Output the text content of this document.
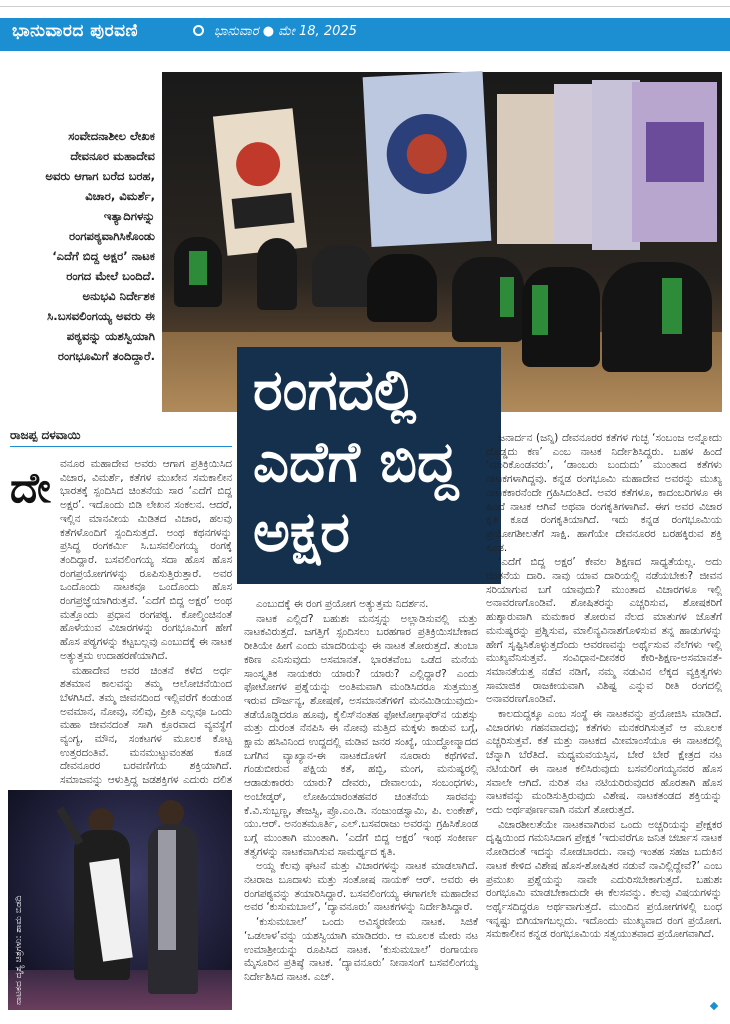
ಭಾನುವಾರದ ಪುರವಣಿ	ಭಾನುವಾರ ● ಮೇ 18, 2025
ಸಂವೇದನಾಶೀಲ ಲೇಖಕ ದೇವನೂರ ಮಹಾದೇವ ಅವರು ಆಗಾಗ ಬರೆದ ಬರಹ, ವಿಚಾರ, ವಿಮರ್ಶೆ, ಇತ್ಯಾದಿಗಳನ್ನು ರಂಗಪಠ್ಯವಾಗಿಸಿಕೊಂಡು ‘ಎದೆಗೆ ಬಿದ್ದ ಅಕ್ಷರ’ ನಾಟಕ ರಂಗದ ಮೇಲೆ ಬಂದಿದೆ. ಅನುಭವಿ ನಿರ್ದೇಶಕ ಸಿ.ಬಸವಲಿಂಗಯ್ಯ ಅವರು ಈ ಪಠ್ಯವನ್ನು ಯಶಸ್ವಿಯಾಗಿ ರಂಗಭೂಮಿಗೆ ತಂದಿದ್ದಾರೆ.
ರಂಗದಲ್ಲಿ
ಎದೆಗೆ ಬಿದ್ದ
ಅಕ್ಷರ
ರಾಜಪ್ಪ ದಳವಾಯಿ
ದೇ ವನೂರ ಮಹಾದೇವ ಅವರು ಆಗಾಗ ಪ್ರತಿಕ್ರಿಯಿಸಿದ ವಿಚಾರ, ವಿಮರ್ಶೆ, ಕತೆಗಳ ಮುಖೇನ ಸಮಕಾಲೀನ ಭಾರತಕ್ಕೆ ಸ್ಪಂದಿಸಿದ ಚಿಂತನೆಯ ಸಾರ ‘ಎದೆಗೆ ಬಿದ್ದ ಅಕ್ಷರ’. ಇದೊಂದು ಬಿಡಿ ಲೇಖನ ಸಂಕಲನ. ಆದರೆ, ಇಲ್ಲಿನ ಮಾನವೀಯ ಮಿಡಿತದ ವಿಚಾರ, ಹಲವು ಕತೆಗಳೊಂದಿಗೆ ಸ್ಪಂದಿಸುತ್ತದೆ. ಅಂಥ ಕಥನಗಳನ್ನು ಪ್ರಸಿದ್ಧ ರಂಗಕರ್ಮಿ ಸಿ.ಬಸವಲಿಂಗಯ್ಯ ರಂಗಕ್ಕೆ ತಂದಿದ್ದಾರೆ. ಬಸವಲಿಂಗಯ್ಯ ಸದಾ ಹೊಸ ಹೊಸ ರಂಗಪ್ರಯೋಗಗಳನ್ನು ರೂಪಿಸುತ್ತಿರುತ್ತಾರೆ. ಅವರ ಒಂದೊಂದು ನಾಟಕವೂ ಒಂದೊಂದು ಹೊಸ ರಂಗಪ್ರಜ್ಞೆಯಾಗಿರುತ್ತವೆ. ‘ಎದೆಗೆ ಬಿದ್ದ ಅಕ್ಷರ’ ಅಂಥ ಮತ್ತೊಂದು ಪ್ರಧಾನ ರಂಗಪಠ್ಯ. ಕೋಲ್ಮಿಂಚಿನಂತೆ ಹೊಳೆಯುವ ವಿಚಾರಗಳನ್ನು ರಂಗಭೂಮಿಗೆ ಹೇಗೆ ಹೊಸ ಪಠ್ಯಗಳನ್ನು ಕಟ್ಟಬಲ್ಲವು ಎಂಬುದಕ್ಕೆ ಈ ನಾಟಕ ಅತ್ಯುತ್ತಮ ಉದಾಹರಣೆಯಾಗಿದೆ.

ಮಹಾದೇವ ಅವರ ಚಿಂತನೆ ಕಳೆದ ಅರ್ಧ ಶತಮಾನ ಕಾಲವನ್ನು ತಮ್ಮ ಆಲೋಚನೆಯಿಂದ ಬೆಳಗಿಸಿದೆ. ತಮ್ಮ ಜೀವನದಿಂದ ಇಲ್ಲಿವರೆಗೆ ಕಂಡುಂಡ ಅವಮಾನ, ನೋವು, ನಲಿವು, ಪ್ರೀತಿ ಎಲ್ಲವೂ ಒಂದು ಮಹಾ ಜೀವನದಂತೆ ಸಾಗಿ ಕ್ರೂರವಾದ ವ್ಯವಸ್ಥೆಗೆ ವ್ಯಂಗ್ಯ, ಮೌನ, ಸಂಕಟಗಳ ಮೂಲಕ ಕೊಟ್ಟ ಉತ್ತರದಂತಿವೆ. ಮನಮುಟ್ಟುವಂತಹ ಕೂಡ ದೇವನೂರರ ಬರವಣಿಗೆಯ ಶಕ್ತಿಯಾಗಿದೆ. ಸಮಾಜವನ್ನು ಆಳುತ್ತಿದ್ದ ಜಡಶಕ್ತಿಗಳ ಎದುರು ದಲಿತ

ಎಂಬುದಕ್ಕೆ ಈ ರಂಗ ಪ್ರಯೋಗ ಅತ್ಯುತ್ತಮ ನಿದರ್ಶನ.

ನಾಟಕ ಎಲ್ಲಿದೆ? ಬಹುಶಃ ಮನಸ್ಸನ್ನು ಅಲ್ಲಾಡಿಸುವಲ್ಲಿ ಮತ್ತು ನಾಟಕವಿರುತ್ತದೆ. ಜಗತ್ತಿಗೆ ಸ್ಪಂದಿಸಲು ಬರಹಗಾರ ಪ್ರತಿಕ್ರಿಯಿಸಬೇಕಾದ ರೀತಿಯೇ ಹೀಗೆ ಎಂದು ಮಾದರಿಯನ್ನು ಈ ನಾಟಕ ತೋರುತ್ತದೆ. ತುಂಬಾ ಕಠಿಣ ಎನಿಸುವುದು ಅಸಮಾನತೆ. ಭಾರತವೆಂಬ ಒಡೆದ ಮನೆಯ ಸಾಂಸ್ಕೃತಿಕ ನಾಯಕರು ಯಾರು? ಯಾರು? ಎಲ್ಲಿದ್ದಾರೆ? ಎಂದು ಫೋಟೋಗಳ ಪ್ರಶ್ನೆಯನ್ನು ಅಂತಿಮವಾಗಿ ಮಂಡಿಸಿದರೂ ಸುತ್ತಮುತ್ತ ಇರುವ ದೌರ್ಜನ್ಯ, ಶೋಷಣೆ, ಅಸಮಾನತೆಗಳಿಗೆ ಮನಮಿಡಿಯುವುದು-ತಡೆಯೊಡ್ಡಿದರೂ ಹೂವು, ಕೈಲಿಸ್‌ನಂತಹ ಫೋಟೋಗ್ರಾಫರ್‌ನ ಯಶಸ್ಸು ಮತ್ತು ದುರಂತ ನೆನಪಿಸಿ ಈ ನೋವು ಮತ್ತಿದ ಮಕ್ಕಳು ಕಾಡುವ ಬಗ್ಗೆ, ಕ್ಷಾಮ ಹಸಿವಿನಿಂದ ಉದ್ದದಲ್ಲಿ ಮಡಿವ ಜನರ ಸಂಖ್ಯೆ, ಯುದ್ಧೋನ್ಮಾದದ ಬಗೆಗಿನ ವ್ಯಾಖ್ಯಾನ-ಈ ನಾಟಕದೊಳಗೆ ನೂರಾರು ಕಥೆಗಳಿವೆ. ಗಂಡುಬೀರುವ ಪಕ್ಷಿಯ ಕತೆ, ಹಬ್ಬಿ, ಮಂಗ, ಮನುಷ್ಯರಲ್ಲಿ ಆಡಾಡುಕಾರರು ಯಾರು? ದೇವರು, ದೇವಾಲಯ, ಸಂಬಂಧಗಳು, ಅಂಬೇಡ್ಕರ್, ಲೋಹಿಯಾರಂತಹವರ ಚಿಂತನೆಯ ಸಾರವನ್ನು ಕೆ.ವಿ.ಸುಬ್ಬಣ್ಣ, ತೇಜಸ್ವಿ, ಪ್ರೊ.ಎಂ.ಡಿ. ನಂಜುಂಡಸ್ವಾಮಿ, ಪಿ. ಲಂಕೇಶ್, ಯು.ಆರ್. ಅನಂತಮೂರ್ತಿ, ಎಲ್.ಬಸವರಾಜು ಅವರನ್ನು ಗ್ರಹಿಸಿಕೊಂಡ ಬಗ್ಗೆ ಮುಂತಾಗಿ ಮುಂತಾಗಿ. ‘ಎದೆಗೆ ಬಿದ್ದ ಅಕ್ಷರ’ ಇಂಥ ಸಂಕೀರ್ಣ ತತ್ವಗಳನ್ನು ನಾಟಕವಾಗಿಸುವ ಸಾಮರ್ಥ್ಯದ ಕೃತಿ.

ಅಯ್ದ ಕೆಲವು ಘಟನೆ ಮತ್ತು ವಿಚಾರಗಳನ್ನು ನಾಟಕ ಮಾಡಲಾಗಿದೆ. ನಟರಾಜ ಬೂದಾಳು ಮತ್ತು ಸಂತೋಷ ನಾಯಕ್ ಆರ್. ಅವರು ಈ ರಂಗಪಠ್ಯವನ್ನು ತಯಾರಿಸಿದ್ದಾರೆ. ಬಸವಲಿಂಗಯ್ಯ ಈಗಾಗಲೇ ಮಹಾದೇವ ಅವರ ‘ಕುಸುಮಬಾಲೆ’, ‘ದ್ಯಾವನೂರು’ ನಾಟಕಗಳನ್ನು ನಿರ್ದೇಶಿಸಿದ್ದಾರೆ.

‘ಕುಸುಮಬಾಲೆ’ ಒಂದು ಅವಿಸ್ಮರಣೀಯ ನಾಟಕ. ಸಿಜಿಕೆ ‘ಒಡಲಾಳ’ವನ್ನು ಯಶಸ್ವಿಯಾಗಿ ಮಾಡಿದರು. ಆ ಮೂಲಕ ಮೇರು ನಟ ಉಮಾಶ್ರೀಯನ್ನು ರೂಪಿಸಿದ ನಾಟಕ. ‘ಕುಸುಮಬಾಲೆ’ ರಂಗಾಯಣ ಮೈಸೂರಿನ ಪ್ರತಿಷ್ಠೆ ನಾಟಕ. ‘ದ್ಯಾವನೂರು’ ನೀನಾಸಂಗೆ ಬಸವಲಿಂಗಯ್ಯ ನಿರ್ದೇಶಿಸಿದ ನಾಟಕ. ಎಚ್.

ಜನಾರ್ದನ (ಜನ್ನಿ) ದೇವನೂರರ ಕತೆಗಳ ಗುಚ್ಛ ‘ಸಂಬಂಜ ಅನ್ನೋದು ದೊಡ್ಡದು ಕಣ’ ಎಂಬ ನಾಟಕ ನಿರ್ದೇಶಿಸಿದ್ದರು. ಬಹಳ ಹಿಂದೆ ‘ಮಾರಿಕೊಂಡವರು’, ‘ಡಾಂಬರು ಬಂದುದು’ ಮುಂತಾದ ಕತೆಗಳು ನಾಟಕಗಳಾಗಿದ್ದವು. ಕನ್ನಡ ರಂಗಭೂಮಿ ಮಹಾದೇವ ಅವರನ್ನು ಮುಖ್ಯ ನಾಟಕಕಾರನೆಂದೇ ಗ್ರಹಿಸಿದಂತಿದೆ. ಅವರ ಕತೆಗಳೂ, ಕಾದಂಬರಿಗಳೂ ಈ ಹಿಂದೆ ನಾಟಕ ಆಗಿವೆ ಅಥವಾ ರಂಗಕೃತಿಗಳಾಗಿವೆ. ಈಗ ಅವರ ವಿಚಾರ ಕೃತಿ ಕೂಡ ರಂಗಕೃತಿಯಾಗಿದೆ. ಇದು ಕನ್ನಡ ರಂಗಭೂಮಿಯ ಪ್ರಯೋಗಶೀಲತೆಗೆ ಸಾಕ್ಷಿ. ಹಾಗೆಯೇ ದೇವನೂರರ ಬರಹಕ್ಕಿರುವ ಶಕ್ತಿ ಕೂಡ.

‘ಎದೆಗೆ ಬಿದ್ದ ಅಕ್ಷರ’ ಕೇವಲ ಶಿಕ್ಷಣದ ಸಾಧ್ಯತೆಯಲ್ಲ. ಅದು ಚಿಂತನೆಯ ದಾರಿ. ನಾವು ಯಾವ ದಾರಿಯಲ್ಲಿ ನಡೆಯಬೇಕು? ಜೀವನ ಸರಿಯಾಗುವ ಬಗೆ ಯಾವುದು? ಮುಂತಾದ ವಿಚಾರಗಳೂ ಇಲ್ಲಿ ಅನಾವರಣಗೊಂಡಿವೆ. ಶೋಷಿತರನ್ನು ಎಚ್ಚರಿಸುವ, ಶೋಷಕರಿಗೆ ಹುಶ್ಶಾರುವಾಗಿ ಮಮಕಾರ ತೋರುವ ನೆಲದ ಮಾತುಗಳ ಜೊತೆಗೆ ಮನುಷ್ಯರನ್ನು ಪ್ರಶ್ನಿಸುವ, ಮಾಲಿನ್ಯವಿನಾಶಗೊಳಿಸುವ ತನ್ನ ಹಾಡುಗಳನ್ನು ಹೇಗೆ ಸೃಷ್ಟಿಸಿಕೊಳ್ಳುತ್ತದೆಂದು ಆವರಣವನ್ನು ಅರ್ಥೈಸುವ ನೆಲೆಗಳು ಇಲ್ಲಿ ಮುಖ್ಯವೆನಿಸುತ್ತವೆ. ಸಂವಿಧಾನ-ದೀನಕರ ಕೇರಿ-ಶಿಕ್ಷಣ-ಅಸಮಾನತೆ-ಸಮಾನತೆಯತ್ತ ನಡೆವ ನಡಿಗೆ, ನಮ್ಮ ನಡುವಿನ ಲೆಕ್ಕದ ವ್ಯಕ್ತಿತ್ವಗಳು ಸಾಮಾಜಿಕ ರಾಜಕೀಯವಾಗಿ ವಿಶಿಷ್ಟ ಎನ್ನುವ ರೀತಿ ರಂಗದಲ್ಲಿ ಅನಾವರಣಗೊಂಡಿವೆ.

ಕಾಲದುದ್ದಕ್ಕೂ ಎಂಬ ಸಂಸ್ಥೆ ಈ ನಾಟಕವನ್ನು ಪ್ರಯೋಜಿಸಿ ಮಾಡಿದೆ. ವಿಚಾರಗಳು ಗಹನವಾದವು; ಕತೆಗಳು ಮನಕರಗಿಸುತ್ತವೆ ಆ ಮೂಲಕ ಎಚ್ಚರಿಸುತ್ತವೆ. ಕತೆ ಮತ್ತು ನಾಟಕದ ಮೀಮಾಂಸೆಯೂ ಈ ನಾಟಕದಲ್ಲಿ ಚೆನ್ನಾಗಿ ಬೆರೆತಿದೆ. ಮಧ್ಯಮವಯಸ್ಸಿನ, ಬೇರೆ ಬೇರೆ ಕ್ಷೇತ್ರದ ನಟ ನಟಿಯರಿಗೆ ಈ ನಾಟಕ ಕಲಿಸಿರುವುದು ಬಸವಲಿಂಗಯ್ಯನವರ ಹೊಸ ಸವಾಲೇ ಆಗಿದೆ. ನುರಿತ ನಟ ನಟಿಯರಿರುವುದರ ಹೊರತಾಗಿ ಹೊಸ ನಾಟಕವನ್ನು ಮಂಡಿಸುತ್ತಿರುವುದು ವಿಶೇಷ. ನಾಟಕತಂಡದ ಶಕ್ತಿಯನ್ನು ಅದು ಅರ್ಥಪೂರ್ಣವಾಗಿ ನಮಗೆ ತೋರುತ್ತದೆ.

ವಿಚಾರಶೀಲತೆಯೇ ನಾಟಕವಾಗಿರುವ ಒಂದು ಅಚ್ಚರಿಯನ್ನು ಪ್ರೇಕ್ಷಕರ ದೃಷ್ಟಿಯಿಂದ ಗಮನಿಸಿದಾಗ ಪ್ರೇಕ್ಷಕ ‘ಇದುವರೆಗೂ ಜನಿತ ಚರ್ಚಾಸ ನಾಟಕ ನೋಡಿದಂತೆ ಇದನ್ನು ನೋಡಬಾರದು. ನಾವು ಇಂತಹ ಸಹಜ ಬದುಕಿನ ನಾಟಕ ಕೇಳಿದ ವಿಶೇಷ ಹೊಸ-ಶೋಷಿತರ ನಡುವೆ ನಾವಿಲ್ಲಿದ್ದೇವೆ?’ ಎಂಬ ಪ್ರಮುಖ ಪ್ರಶ್ನೆಯನ್ನು ನಾವೇ ಎದುರಿಸಬೇಕಾಗುತ್ತದೆ. ಬಹುಶಃ ರಂಗಭೂಮಿ ಮಾಡಬೇಕಾದುದೇ ಈ ಕೆಲಸವನ್ನು. ಕೆಲವು ವಿಷಯಗಳನ್ನು ಅರ್ಥೈಸದಿದ್ದರೂ ಅರ್ಥವಾಗುತ್ತದೆ. ಮುಂದಿನ ಪ್ರಯೋಗಗಳಲ್ಲಿ ಬಂಧ ಇನ್ನಷ್ಟು ಬಿಗಿಯಾಗಬಲ್ಲದು. ಇದೊಂದು ಮುಖ್ಯವಾದ ರಂಗ ಪ್ರಯೋಗ. ಸಮಕಾಲೀನ ಕನ್ನಡ ರಂಗಭೂಮಿಯ ಸತ್ವಯುತವಾದ ಪ್ರಯೋಗವಾಗಿದೆ.

ನಾಟಕದ ದೃಶ್ಯ ಚಿತ್ರಗಳು: ಶಾಮ ಬಿಡದಿ
